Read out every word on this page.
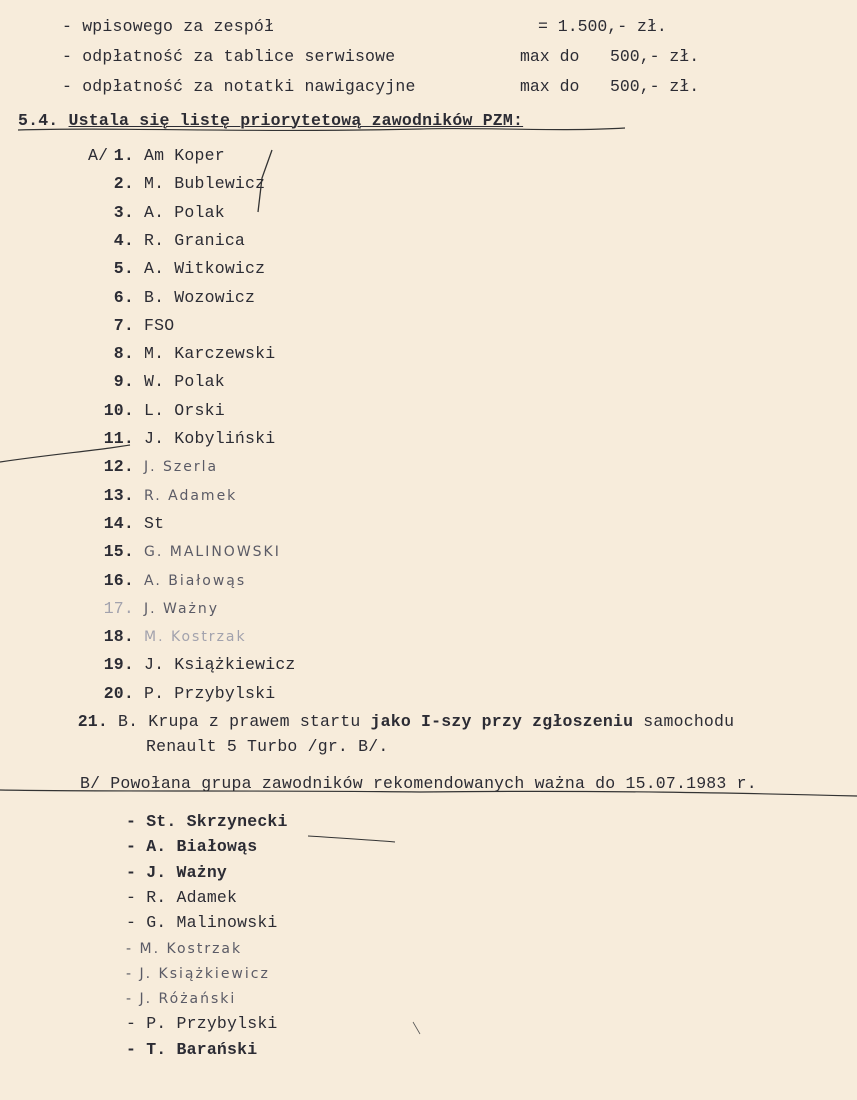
- wpisowego za zespół	= 1.500,- zł.
- odpłatność za tablice serwisowe	max do 500,- zł.
- odpłatność za notatki nawigacyjne	max do 500,- zł.
5.4. Ustala się listę priorytetową zawodników PZM:
A/ 1. Am Koper
2. M. Bublewicz
3. A. Polak
4. R. Granica
5. A. Witkowicz
6. B. Wozowicz
7. FSO
8. M. Karczewski
9. W. Polak
10. L. Orski
11. J. Kobyliński
12. J. Szerla
13. R. Adamek
14. St
15. G. MALINOWSKI
16. A. Białowąs
17. J. Ważny
18. M. Kostrzak
19. J. Książkiewicz
20. P. Przybylski
21. B. Krupa z prawem startu jako I-szy przy zgłoszeniu samochodu
Renault 5 Turbo /gr. B/.
B/ Powołana grupa zawodników rekomendowanych ważna do 15.07.1983 r.
- St. Skrzynecki
- A. Białowąs
- J. Ważny
- R. Adamek
- G. Malinowski
- M. Kostrzak
- J. Książkiewicz
- J. Różański
- P. Przybylski
- T. Barański
